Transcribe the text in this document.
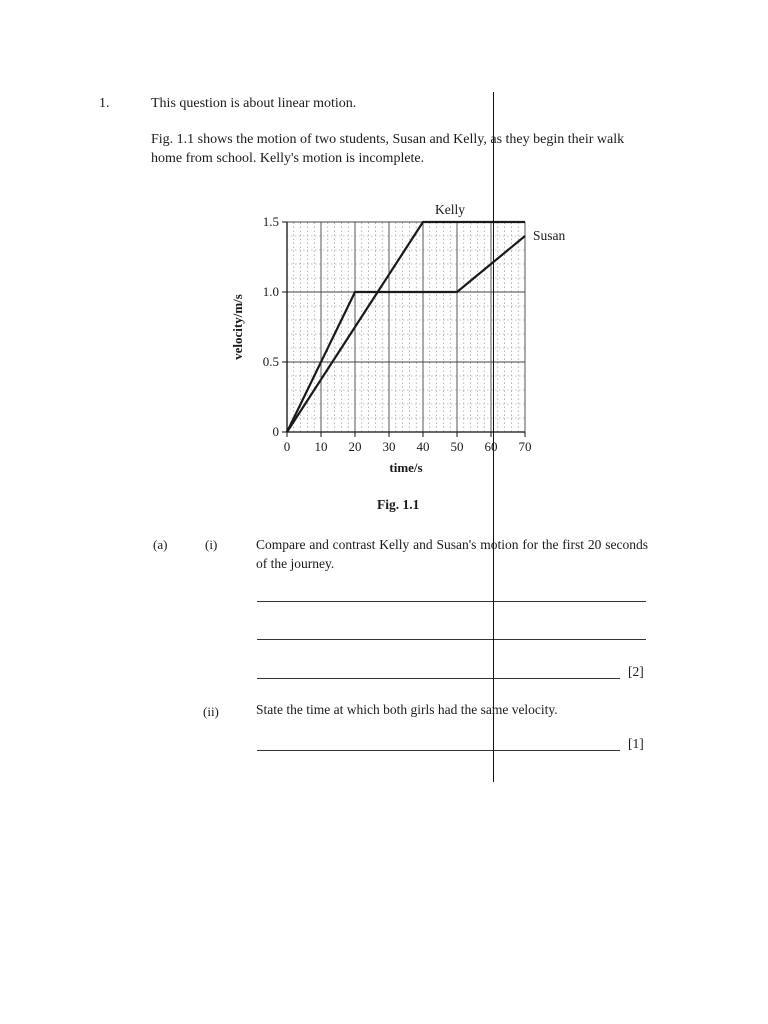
1.	This question is about linear motion.
Fig. 1.1 shows the motion of two students, Susan and Kelly, as they begin their walk home from school. Kelly's motion is incomplete.
0 10 20 30 40 50 60 70
0
0.5
1.0
1.5
time/s
velocity/m/s
Kelly
Susan
Fig. 1.1
(a)	(i)	Compare and contrast Kelly and Susan's motion for the first 20 seconds of the journey.
[2]
(ii)	State the time at which both girls had the same velocity.
[1]
